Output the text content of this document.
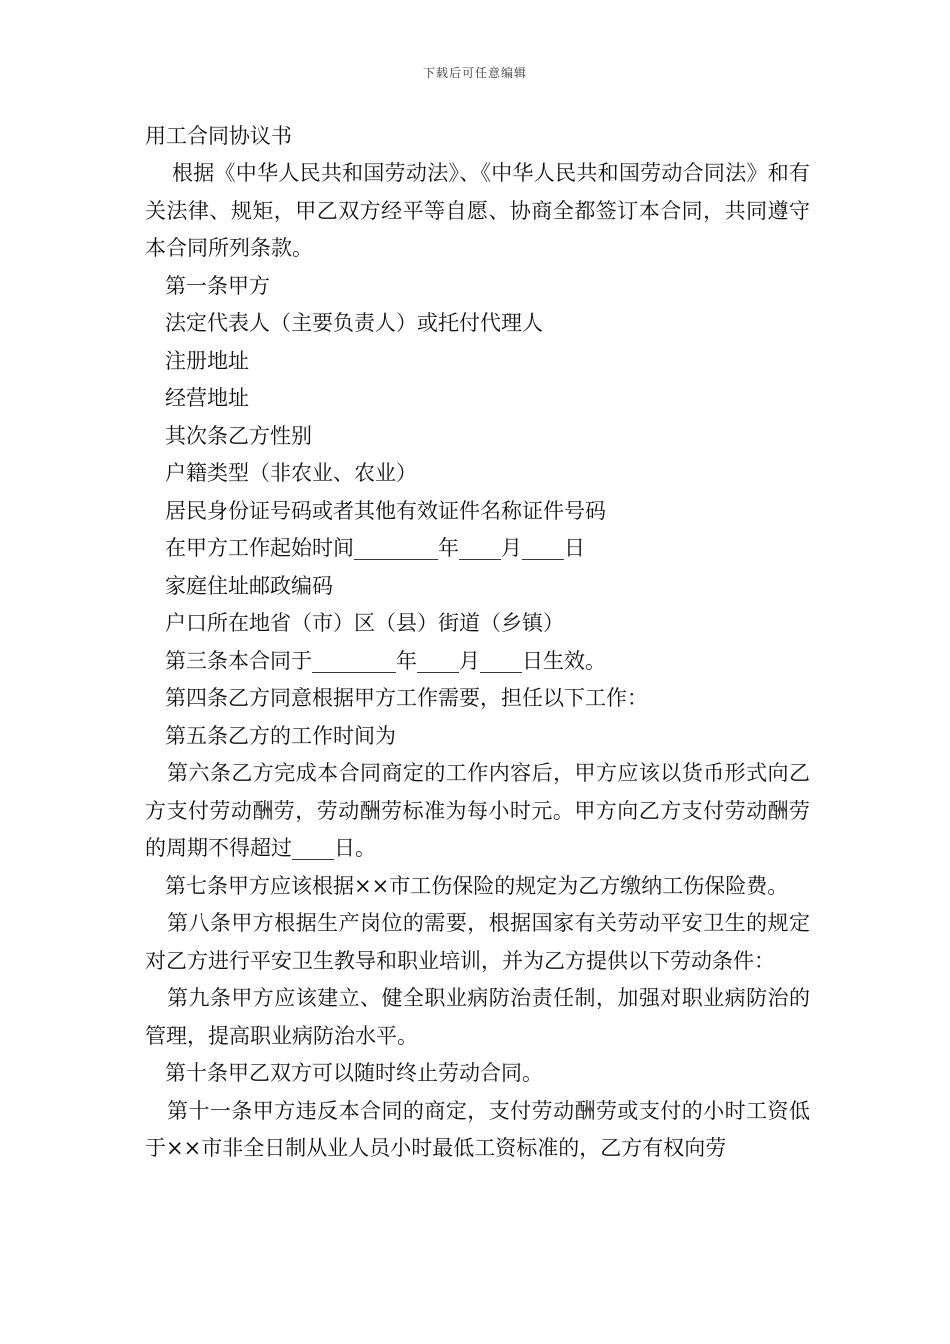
下载后可任意编辑
用工合同协议书

根据《中华人民共和国劳动法》、《中华人民共和国劳动合同法》和有关法律、规矩，甲乙双方经平等自愿、协商全都签订本合同，共同遵守本合同所列条款。

第一条甲方

法定代表人（主要负责人）或托付代理人

注册地址

经营地址

其次条乙方性别

户籍类型（非农业、农业）

居民身份证号码或者其他有效证件名称证件号码

在甲方工作起始时间________年____月____日

家庭住址邮政编码

户口所在地省（市）区（县）街道（乡镇）

第三条本合同于________年____月____日生效。

第四条乙方同意根据甲方工作需要，担任以下工作：

第五条乙方的工作时间为

第六条乙方完成本合同商定的工作内容后，甲方应该以货币形式向乙方支付劳动酬劳，劳动酬劳标准为每小时元。甲方向乙方支付劳动酬劳的周期不得超过____日。

第七条甲方应该根据××市工伤保险的规定为乙方缴纳工伤保险费。

第八条甲方根据生产岗位的需要，根据国家有关劳动平安卫生的规定对乙方进行平安卫生教导和职业培训，并为乙方提供以下劳动条件：

第九条甲方应该建立、健全职业病防治责任制，加强对职业病防治的管理，提高职业病防治水平。

第十条甲乙双方可以随时终止劳动合同。

第十一条甲方违反本合同的商定，支付劳动酬劳或支付的小时工资低于××市非全日制从业人员小时最低工资标准的，乙方有权向劳
